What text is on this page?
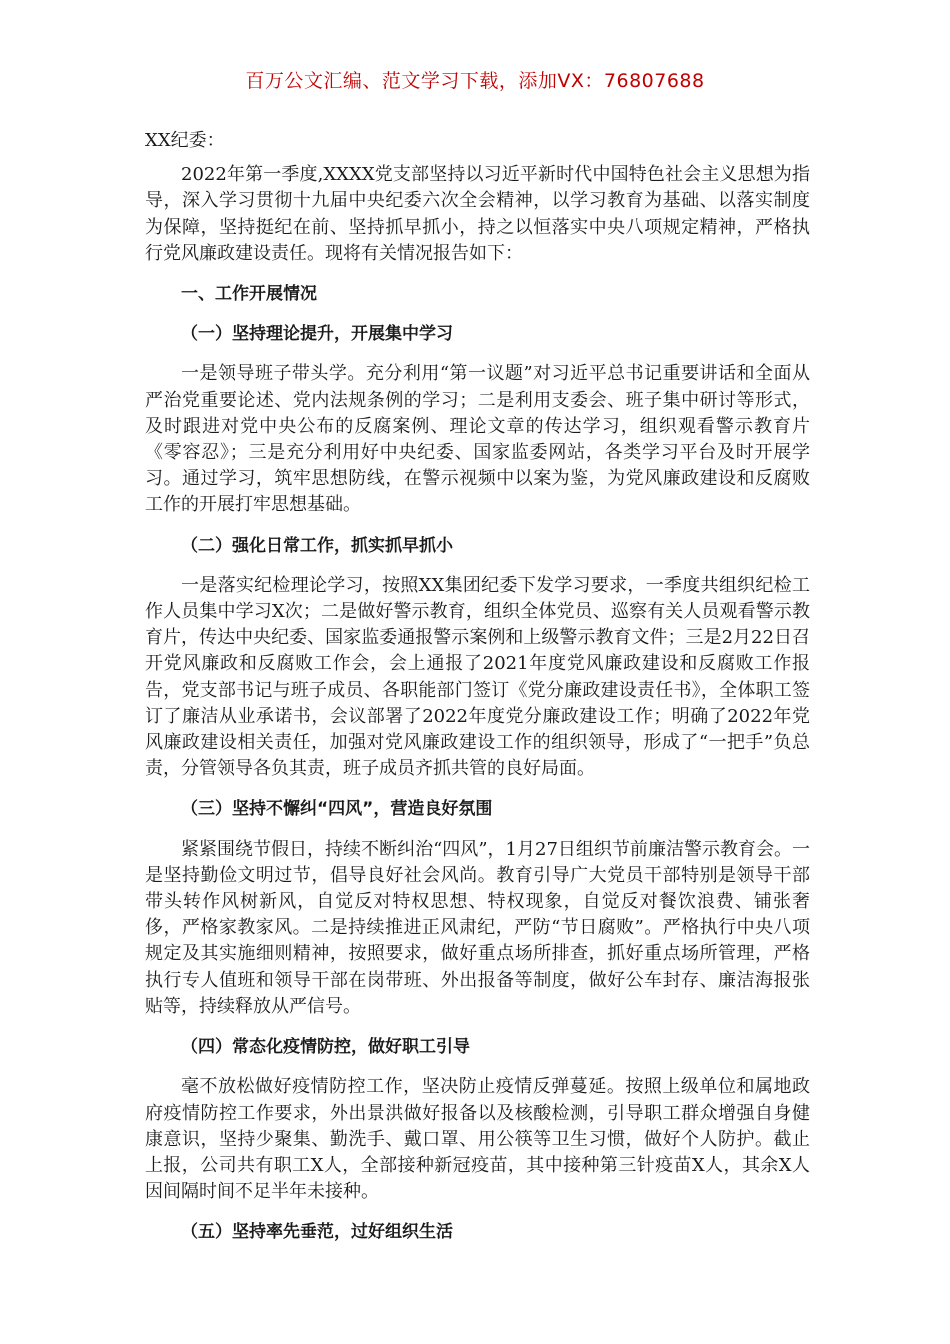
百万公文汇编、范文学习下载，添加VX：76807688

XX纪委：

2022年第一季度,XXXX党支部坚持以习近平新时代中国特色社会主义思想为指导，深入学习贯彻十九届中央纪委六次全会精神，以学习教育为基础、以落实制度为保障，坚持挺纪在前、坚持抓早抓小，持之以恒落实中央八项规定精神，严格执行党风廉政建设责任。现将有关情况报告如下：

一、工作开展情况

（一）坚持理论提升，开展集中学习

一是领导班子带头学。充分利用“第一议题”对习近平总书记重要讲话和全面从严治党重要论述、党内法规条例的学习；二是利用支委会、班子集中研讨等形式，及时跟进对党中央公布的反腐案例、理论文章的传达学习，组织观看警示教育片《零容忍》；三是充分利用好中央纪委、国家监委网站，各类学习平台及时开展学习。通过学习，筑牢思想防线，在警示视频中以案为鉴，为党风廉政建设和反腐败工作的开展打牢思想基础。

（二）强化日常工作，抓实抓早抓小

一是落实纪检理论学习，按照XX集团纪委下发学习要求，一季度共组织纪检工作人员集中学习X次；二是做好警示教育，组织全体党员、巡察有关人员观看警示教育片，传达中央纪委、国家监委通报警示案例和上级警示教育文件；三是2月22日召开党风廉政和反腐败工作会，会上通报了2021年度党风廉政建设和反腐败工作报告，党支部书记与班子成员、各职能部门签订《党分廉政建设责任书》，全体职工签订了廉洁从业承诺书，会议部署了2022年度党分廉政建设工作；明确了2022年党风廉政建设相关责任，加强对党风廉政建设工作的组织领导，形成了“一把手”负总责，分管领导各负其责，班子成员齐抓共管的良好局面。

（三）坚持不懈纠“四风”，营造良好氛围

紧紧围绕节假日，持续不断纠治“四风”，1月27日组织节前廉洁警示教育会。一是坚持勤俭文明过节，倡导良好社会风尚。教育引导广大党员干部特别是领导干部带头转作风树新风，自觉反对特权思想、特权现象，自觉反对餐饮浪费、铺张奢侈，严格家教家风。二是持续推进正风肃纪，严防“节日腐败”。严格执行中央八项规定及其实施细则精神，按照要求，做好重点场所排查，抓好重点场所管理，严格执行专人值班和领导干部在岗带班、外出报备等制度，做好公车封存、廉洁海报张贴等，持续释放从严信号。

（四）常态化疫情防控，做好职工引导

毫不放松做好疫情防控工作，坚决防止疫情反弹蔓延。按照上级单位和属地政府疫情防控工作要求，外出景洪做好报备以及核酸检测，引导职工群众增强自身健康意识，坚持少聚集、勤洗手、戴口罩、用公筷等卫生习惯，做好个人防护。截止上报，公司共有职工X人，全部接种新冠疫苗，其中接种第三针疫苗X人，其余X人因间隔时间不足半年未接种。

（五）坚持率先垂范，过好组织生活
